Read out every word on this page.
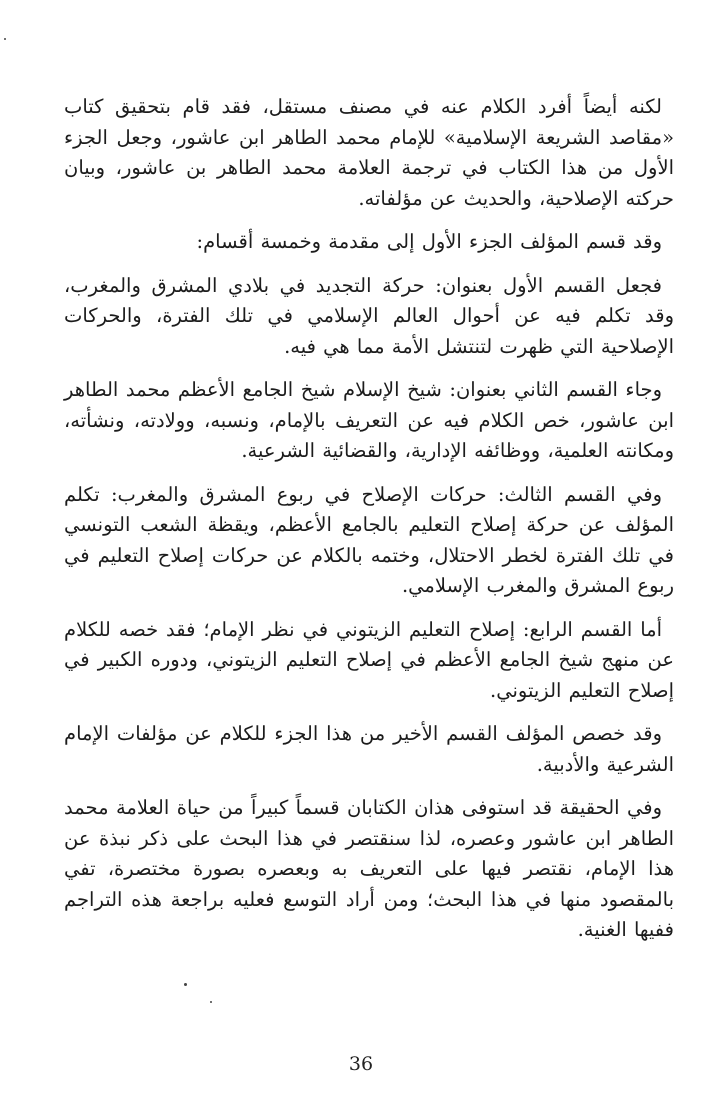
لكنه أيضاً أفرد الكلام عنه في مصنف مستقل، فقد قام بتحقيق كتاب «مقاصد الشريعة الإسلامية» للإمام محمد الطاهر ابن عاشور، وجعل الجزء الأول من هذا الكتاب في ترجمة العلامة محمد الطاهر بن عاشور، وبيان حركته الإصلاحية، والحديث عن مؤلفاته.

وقد قسم المؤلف الجزء الأول إلى مقدمة وخمسة أقسام:

فجعل القسم الأول بعنوان: حركة التجديد في بلادي المشرق والمغرب، وقد تكلم فيه عن أحوال العالم الإسلامي في تلك الفترة، والحركات الإصلاحية التي ظهرت لتنتشل الأمة مما هي فيه.

وجاء القسم الثاني بعنوان: شيخ الإسلام شيخ الجامع الأعظم محمد الطاهر ابن عاشور، خص الكلام فيه عن التعريف بالإمام، ونسبه، وولادته، ونشأته، ومكانته العلمية، ووظائفه الإدارية، والقضائية الشرعية.

وفي القسم الثالث: حركات الإصلاح في ربوع المشرق والمغرب: تكلم المؤلف عن حركة إصلاح التعليم بالجامع الأعظم، ويقظة الشعب التونسي في تلك الفترة لخطر الاحتلال، وختمه بالكلام عن حركات إصلاح التعليم في ربوع المشرق والمغرب الإسلامي.

أما القسم الرابع: إصلاح التعليم الزيتوني في نظر الإمام؛ فقد خصه للكلام عن منهج شيخ الجامع الأعظم في إصلاح التعليم الزيتوني، ودوره الكبير في إصلاح التعليم الزيتوني.

وقد خصص المؤلف القسم الأخير من هذا الجزء للكلام عن مؤلفات الإمام الشرعية والأدبية.

وفي الحقيقة قد استوفى هذان الكتابان قسماً كبيراً من حياة العلامة محمد الطاهر ابن عاشور وعصره، لذا سنقتصر في هذا البحث على ذكر نبذة عن هذا الإمام، نقتصر فيها على التعريف به وبعصره بصورة مختصرة، تفي بالمقصود منها في هذا البحث؛ ومن أراد التوسع فعليه براجعة هذه التراجم ففيها الغنية.

36
